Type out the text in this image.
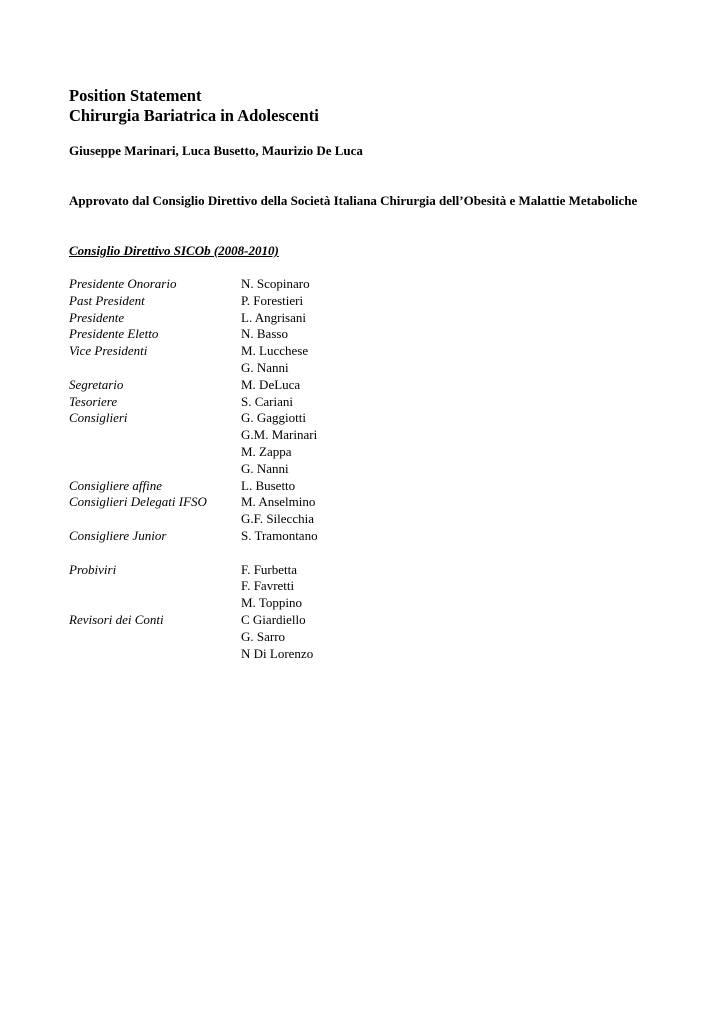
Position Statement
Chirurgia Bariatrica in Adolescenti

Giuseppe Marinari, Luca Busetto, Maurizio De Luca

Approvato dal Consiglio Direttivo della Società Italiana Chirurgia dell’Obesità e Malattie Metaboliche

Consiglio Direttivo SICOb (2008-2010)

Presidente Onorario	N. Scopinaro
Past President	P. Forestieri
Presidente	L. Angrisani
Presidente Eletto	N. Basso
Vice Presidenti	M. Lucchese
G. Nanni
Segretario	M. DeLuca
Tesoriere	S. Cariani
Consiglieri	G. Gaggiotti
G.M. Marinari
M. Zappa
G. Nanni
Consigliere affine	L. Busetto
Consiglieri Delegati IFSO	M. Anselmino
G.F. Silecchia
Consigliere Junior	S. Tramontano
Probiviri	F. Furbetta
F. Favretti
M. Toppino
Revisori dei Conti	C Giardiello
G. Sarro
N Di Lorenzo
